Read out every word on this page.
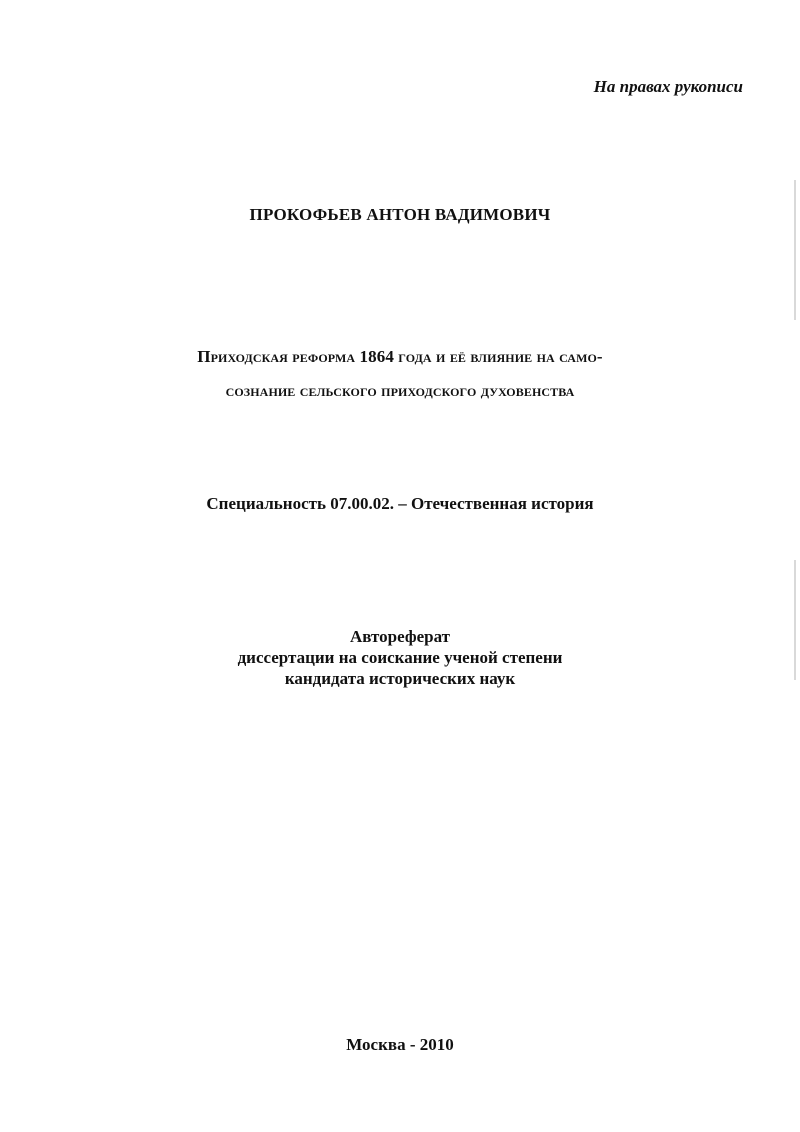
На правах рукописи
ПРОКОФЬЕВ АНТОН ВАДИМОВИЧ
Приходская реформа 1864 года и её влияние на само-
сознание сельского приходского духовенства
Специальность 07.00.02. – Отечественная история
Автореферат
диссертации на соискание ученой степени
кандидата исторических наук
Москва - 2010
